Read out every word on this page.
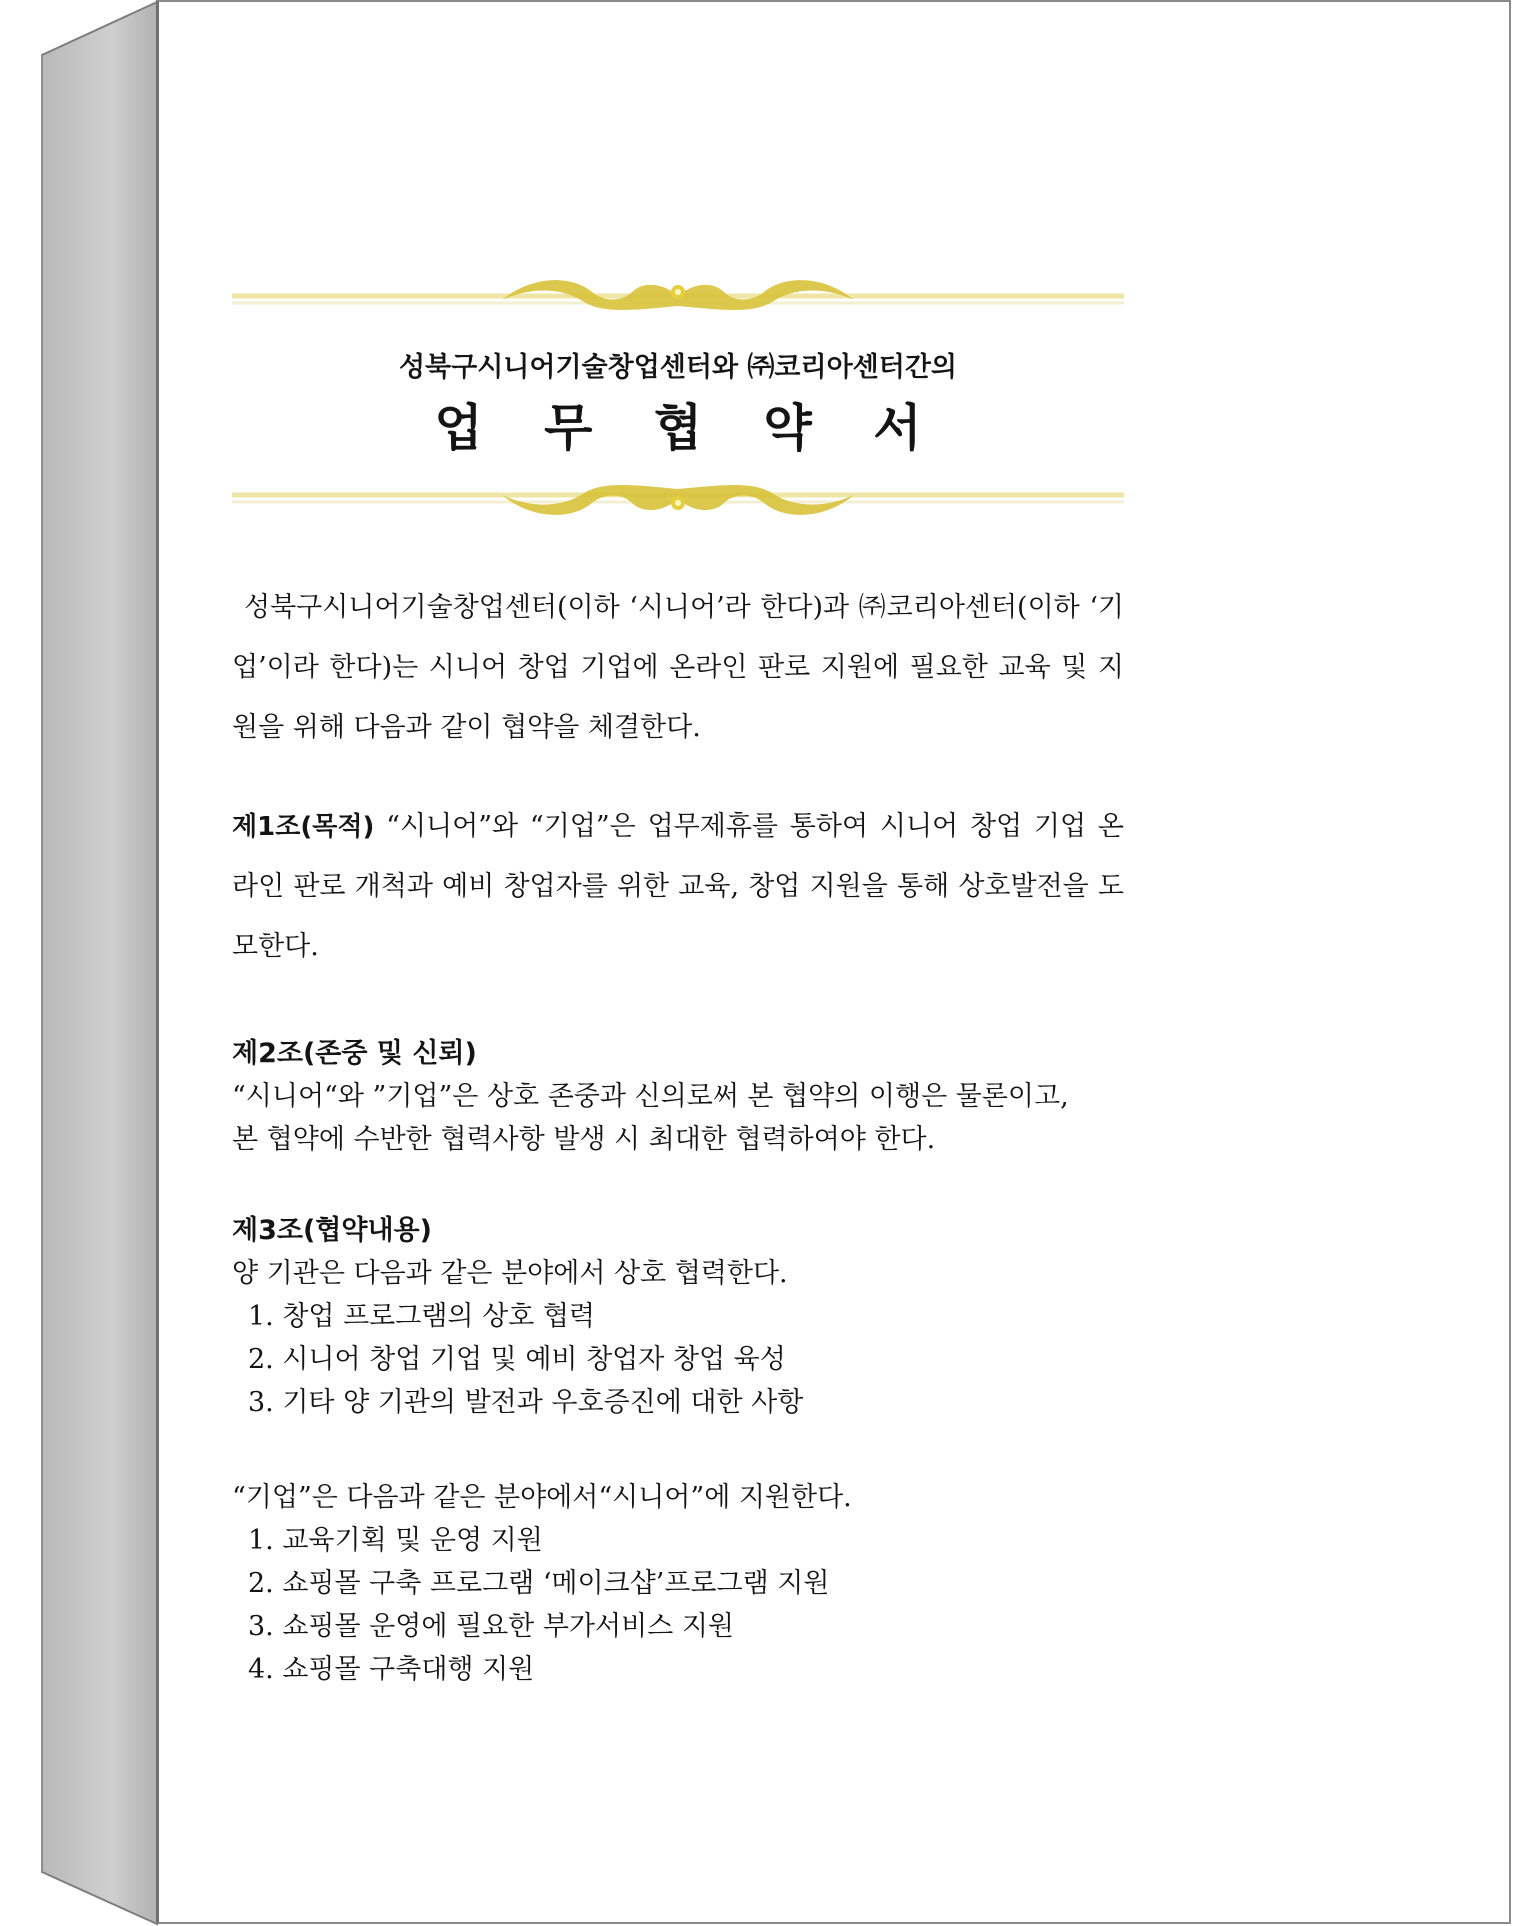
성북구시니어기술창업센터와 ㈜코리아센터간의
업 무 협 약 서

성북구시니어기술창업센터(이하 ‘시니어’라 한다)과 ㈜코리아센터(이하 ‘기업’이라 한다)는 시니어 창업 기업에 온라인 판로 지원에 필요한 교육 및 지원을 위해 다음과 같이 협약을 체결한다.

제1조(목적) “시니어”와 “기업”은 업무제휴를 통하여 시니어 창업 기업 온라인 판로 개척과 예비 창업자를 위한 교육, 창업 지원을 통해 상호발전을 도모한다.

제2조(존중 및 신뢰)

“시니어“와 ”기업”은 상호 존중과 신의로써 본 협약의 이행은 물론이고,

본 협약에 수반한 협력사항 발생 시 최대한 협력하여야 한다.

제3조(협약내용)

양 기관은 다음과 같은 분야에서 상호 협력한다.

1. 창업 프로그램의 상호 협력

2. 시니어 창업 기업 및 예비 창업자 창업 육성

3. 기타 양 기관의 발전과 우호증진에 대한 사항

“기업”은 다음과 같은 분야에서“시니어”에 지원한다.

1. 교육기획 및 운영 지원

2. 쇼핑몰 구축 프로그램 ‘메이크샵’프로그램 지원

3. 쇼핑몰 운영에 필요한 부가서비스 지원

4. 쇼핑몰 구축대행 지원
